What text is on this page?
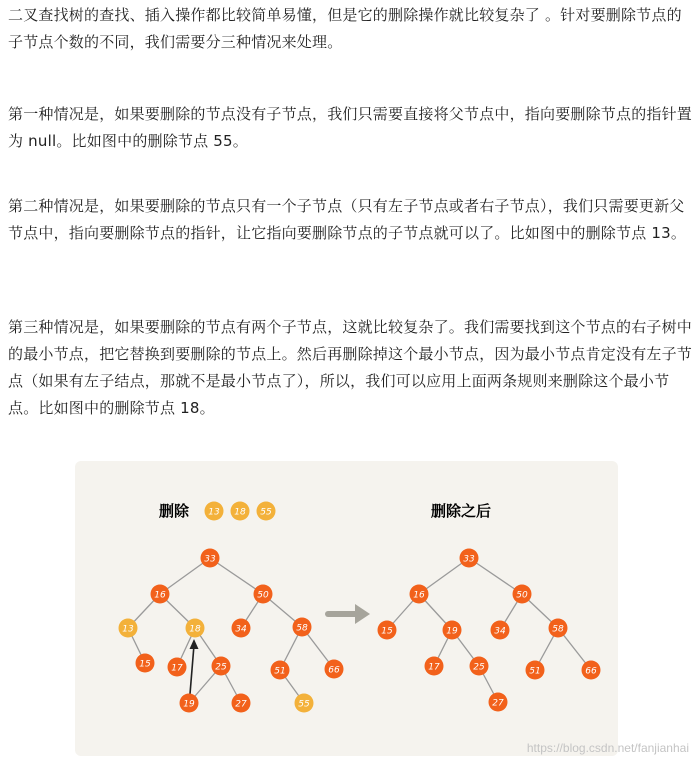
二叉查找树的查找、插入操作都比较简单易懂，但是它的删除操作就比较复杂了 。针对要删除节点的子节点个数的不同，我们需要分三种情况来处理。

第一种情况是，如果要删除的节点没有子节点，我们只需要直接将父节点中，指向要删除节点的指针置为 null。比如图中的删除节点 55。

第二种情况是，如果要删除的节点只有一个子节点（只有左子节点或者右子节点），我们只需要更新父节点中，指向要删除节点的指针，让它指向要删除节点的子节点就可以了。比如图中的删除节点 13。

第三种情况是，如果要删除的节点有两个子节点，这就比较复杂了。我们需要找到这个节点的右子树中的最小节点，把它替换到要删除的节点上。然后再删除掉这个最小节点，因为最小节点肯定没有左子节点（如果有左子结点，那就不是最小节点了），所以，我们可以应用上面两条规则来删除这个最小节点。比如图中的删除节点 18。

删除 13 18 55	删除之后
33
16	50
13	18	34	58
15 17	25	51	66
19	27	55
33
16	50
15	19	34	58
17	25	51	66
27
https://blog.csdn.net/fanjianhai
